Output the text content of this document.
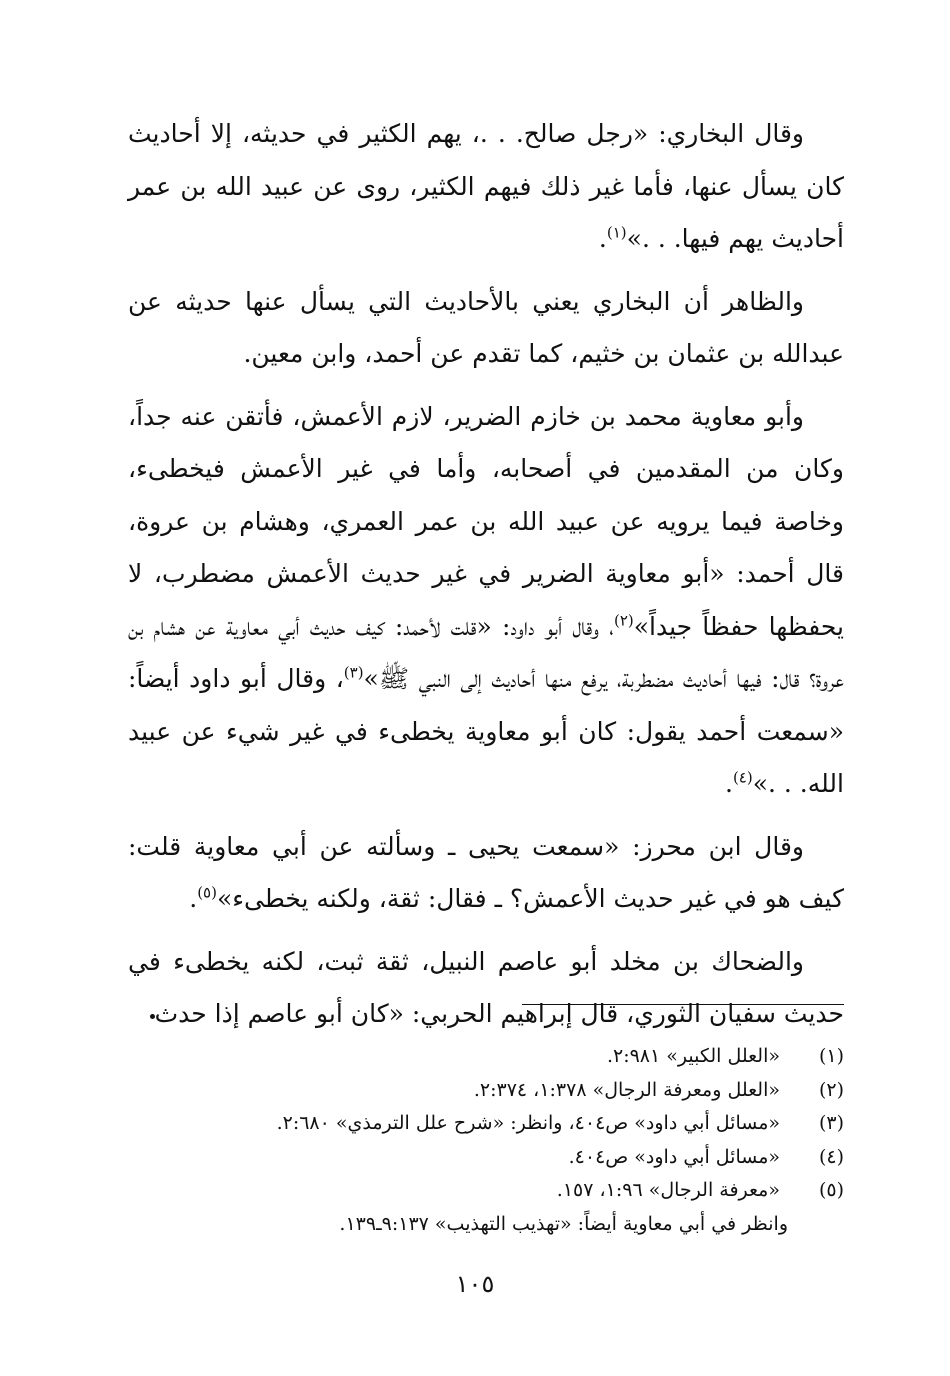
وقال البخاري: «رجل صالح. . .، يهم الكثير في حديثه، إلا أحاديث كان يسأل عنها، فأما غير ذلك فيهم الكثير، روى عن عبيد الله بن عمر أحاديث يهم فيها. . .»$^{(١)}$.

والظاهر أن البخاري يعني بالأحاديث التي يسأل عنها حديثه عن عبدالله بن عثمان بن خثيم، كما تقدم عن أحمد، وابن معين.

وأبو معاوية محمد بن خازم الضرير، لازم الأعمش، فأتقن عنه جداً، وكان من المقدمين في أصحابه، وأما في غير الأعمش فيخطىء، وخاصة فيما يرويه عن عبيد الله بن عمر العمري، وهشام بن عروة، قال أحمد: «أبو معاوية الضرير في غير حديث الأعمش مضطرب، لا يحفظها حفظاً جيداً»$^{(٢)}$، وقال أبو داود: «قلت لأحمد: كيف حديث أبي معاوية عن هشام بن عروة؟ قال: فيها أحاديث مضطربة، يرفع منها أحاديث إلى النبي ﷺ»$^{(٣)}$، وقال أبو داود أيضاً: «سمعت أحمد يقول: كان أبو معاوية يخطىء في غير شيء عن عبيد الله. . .»$^{(٤)}$.

وقال ابن محرز: «سمعت يحيى ـ وسألته عن أبي معاوية قلت: كيف هو في غير حديث الأعمش؟ ـ فقال: ثقة، ولكنه يخطىء»$^{(٥)}$.

والضحاك بن مخلد أبو عاصم النبيل، ثقة ثبت، لكنه يخطىء في حديث سفيان الثوري، قال إبراهيم الحربي: «كان أبو عاصم إذا حدث

(١)
«العلل الكبير» ٢:٩٨١.
(٢)
«العلل ومعرفة الرجال» ١:٣٧٨، ٢:٣٧٤.
(٣)
«مسائل أبي داود» ص٤٠٤، وانظر: «شرح علل الترمذي» ٢:٦٨٠.
(٤)
«مسائل أبي داود» ص٤٠٤.
(٥)
«معرفة الرجال» ١:٩٦، ١٥٧.
وانظر في أبي معاوية أيضاً: «تهذيب التهذيب» ٩:١٣٧ـ١٣٩.
١٠٥
